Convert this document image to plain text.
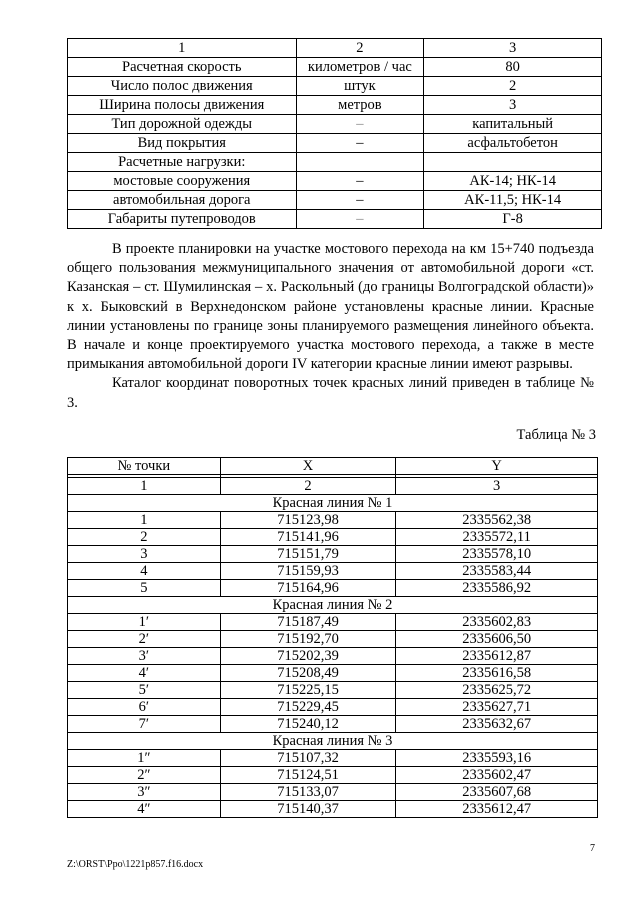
1	2	3
Расчетная скорость	километров / час	80
Число полос движения	штук	2
Ширина полосы движения	метров	3
Тип дорожной одежды	–	капитальный
Вид покрытия	–	асфальтобетон
Расчетные нагрузки:		
мостовые сооружения	–	АК-14; НК-14
автомобильная дорога	–	АК-11,5; НК-14
Габариты путепроводов	–	Г-8

В проекте планировки на участке мостового перехода на км 15+740 подъезда общего пользования межмуниципального значения от автомобильной дороги «ст. Казанская – ст. Шумилинская – х. Раскольный (до границы Волгоградской области)» к х. Быковский в Верхнедонском районе установлены красные линии. Красные линии установлены по границе зоны планируемого размещения линейного объекта. В начале и конце проектируемого участка мостового перехода, а также в месте примыкания автомобильной дороги IV категории красные линии имеют разрывы.

Каталог координат поворотных точек красных линий приведен в таблице № 3.

Таблица № 3
№ точки	X	Y

1	2	3
Красная линия № 1		
1	715123,98	2335562,38
2	715141,96	2335572,11
3	715151,79	2335578,10
4	715159,93	2335583,44
5	715164,96	2335586,92
Красная линия № 2		
1′	715187,49	2335602,83
2′	715192,70	2335606,50
3′	715202,39	2335612,87
4′	715208,49	2335616,58
5′	715225,15	2335625,72
6′	715229,45	2335627,71
7′	715240,12	2335632,67
Красная линия № 3		
1″	715107,32	2335593,16
2″	715124,51	2335602,47
3″	715133,07	2335607,68
4″	715140,37	2335612,47
7
Z:\ORST\Ppo\1221p857.f16.docx
